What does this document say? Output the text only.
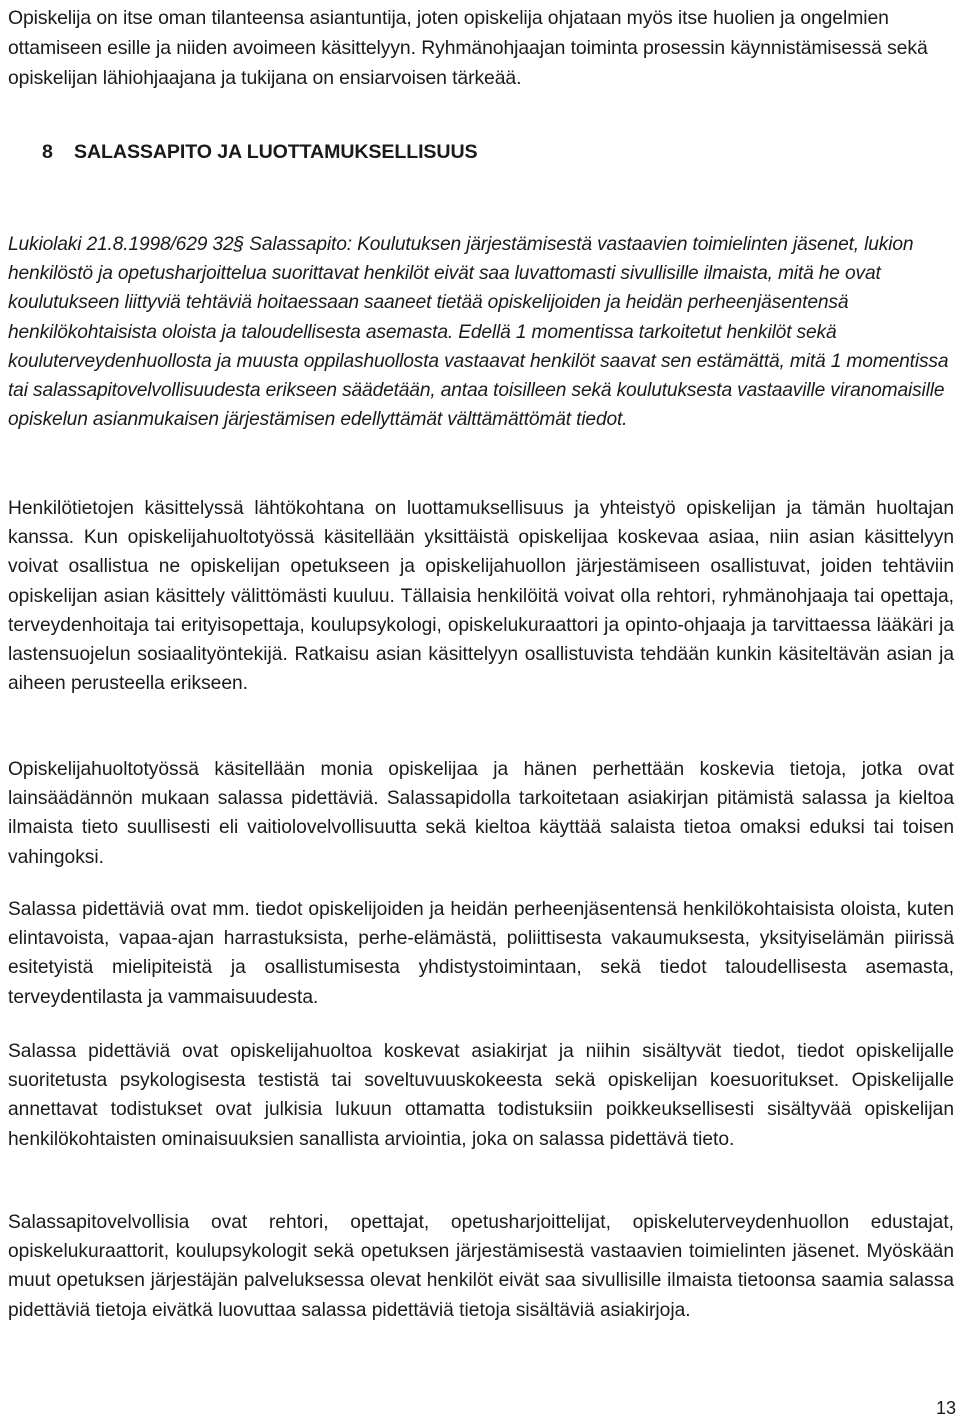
Opiskelija on itse oman tilanteensa asiantuntija, joten opiskelija ohjataan myös itse huolien ja ongelmien ottamiseen esille ja niiden avoimeen käsittelyyn. Ryhmänohjaajan toiminta prosessin käynnistämisessä sekä opiskelijan lähiohjaajana ja tukijana on ensiarvoisen tärkeää.

8 SALASSAPITO JA LUOTTAMUKSELLISUUS

Lukiolaki 21.8.1998/629 32§ Salassapito: Koulutuksen järjestämisestä vastaavien toimielinten jäsenet, lukion henkilöstö ja opetusharjoittelua suorittavat henkilöt eivät saa luvattomasti sivullisille ilmaista, mitä he ovat koulutukseen liittyviä tehtäviä hoitaessaan saaneet tietää opiskelijoiden ja heidän perheenjäsentensä henkilökohtaisista oloista ja taloudellisesta asemasta. Edellä 1 momentissa tarkoitetut henkilöt sekä kouluterveydenhuollosta ja muusta oppilashuollosta vastaavat henkilöt saavat sen estämättä, mitä 1 momentissa tai salassapitovelvollisuudesta erikseen säädetään, antaa toisilleen sekä koulutuksesta vastaaville viranomaisille opiskelun asianmukaisen järjestämisen edellyttämät välttämättömät tiedot.

Henkilötietojen käsittelyssä lähtökohtana on luottamuksellisuus ja yhteistyö opiskelijan ja tämän huoltajan kanssa. Kun opiskelijahuoltotyössä käsitellään yksittäistä opiskelijaa koskevaa asiaa, niin asian käsittelyyn voivat osallistua ne opiskelijan opetukseen ja opiskelijahuollon järjestämiseen osallistuvat, joiden tehtäviin opiskelijan asian käsittely välittömästi kuuluu. Tällaisia henkilöitä voivat olla rehtori, ryhmänohjaaja tai opettaja, terveydenhoitaja tai erityisopettaja, koulupsykologi, opiskelukuraattori ja opinto-ohjaaja ja tarvittaessa lääkäri ja lastensuojelun sosiaalityöntekijä. Ratkaisu asian käsittelyyn osallistuvista tehdään kunkin käsiteltävän asian ja aiheen perusteella erikseen.

Opiskelijahuoltotyössä käsitellään monia opiskelijaa ja hänen perhettään koskevia tietoja, jotka ovat lainsäädännön mukaan salassa pidettäviä. Salassapidolla tarkoitetaan asiakirjan pitämistä salassa ja kieltoa ilmaista tieto suullisesti eli vaitiolovelvollisuutta sekä kieltoa käyttää salaista tietoa omaksi eduksi tai toisen vahingoksi.

Salassa pidettäviä ovat mm. tiedot opiskelijoiden ja heidän perheenjäsentensä henkilökohtaisista oloista, kuten elintavoista, vapaa-ajan harrastuksista, perhe-elämästä, poliittisesta vakaumuksesta, yksityiselämän piirissä esitetyistä mielipiteistä ja osallistumisesta yhdistystoimintaan, sekä tiedot taloudellisesta asemasta, terveydentilasta ja vammaisuudesta.

Salassa pidettäviä ovat opiskelijahuoltoa koskevat asiakirjat ja niihin sisältyvät tiedot, tiedot opiskelijalle suoritetusta psykologisesta testistä tai soveltuvuuskokeesta sekä opiskelijan koesuoritukset. Opiskelijalle annettavat todistukset ovat julkisia lukuun ottamatta todistuksiin poikkeuksellisesti sisältyvää opiskelijan henkilökohtaisten ominaisuuksien sanallista arviointia, joka on salassa pidettävä tieto.

Salassapitovelvollisia ovat rehtori, opettajat, opetusharjoittelijat, opiskeluterveydenhuollon edustajat, opiskelukuraattorit, koulupsykologit sekä opetuksen järjestämisestä vastaavien toimielinten jäsenet. Myöskään muut opetuksen järjestäjän palveluksessa olevat henkilöt eivät saa sivullisille ilmaista tietoonsa saamia salassa pidettäviä tietoja eivätkä luovuttaa salassa pidettäviä tietoja sisältäviä asiakirjoja.

13
